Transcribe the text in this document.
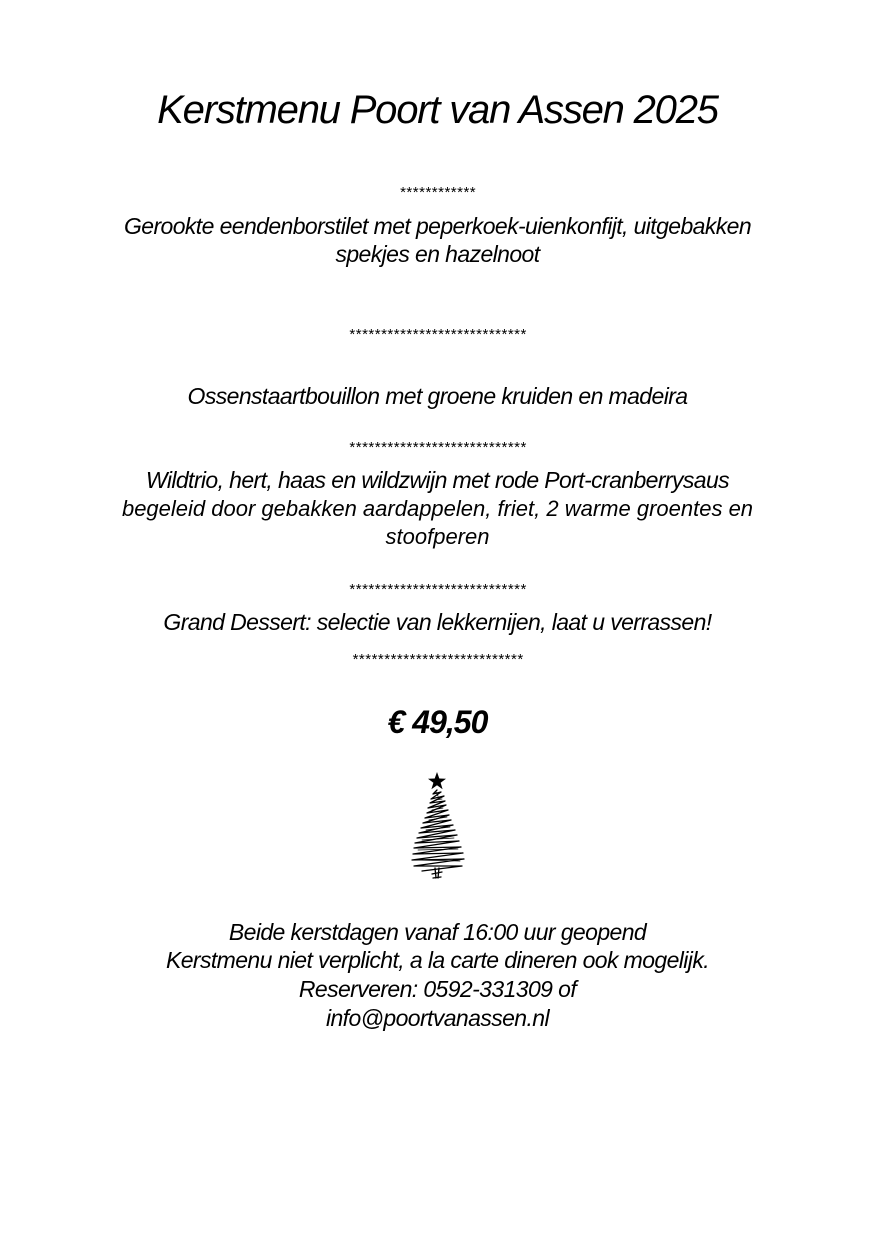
Kerstmenu Poort van Assen 2025
************
Gerookte eendenborstilet met peperkoek-uienkonfijt, uitgebakken
spekjes en hazelnoot
****************************
Ossenstaartbouillon met groene kruiden en madeira
****************************
Wildtrio, hert, haas en wildzwijn met rode Port-cranberrysaus
begeleid door gebakken aardappelen, friet, 2 warme groentes en
stoofperen
****************************
Grand Dessert: selectie van lekkernijen, laat u verrassen!
***************************
€ 49,50
Beide kerstdagen vanaf 16:00 uur geopend
Kerstmenu niet verplicht, a la carte dineren ook mogelijk.
Reserveren: 0592-331309 of
info@poortvanassen.nl
